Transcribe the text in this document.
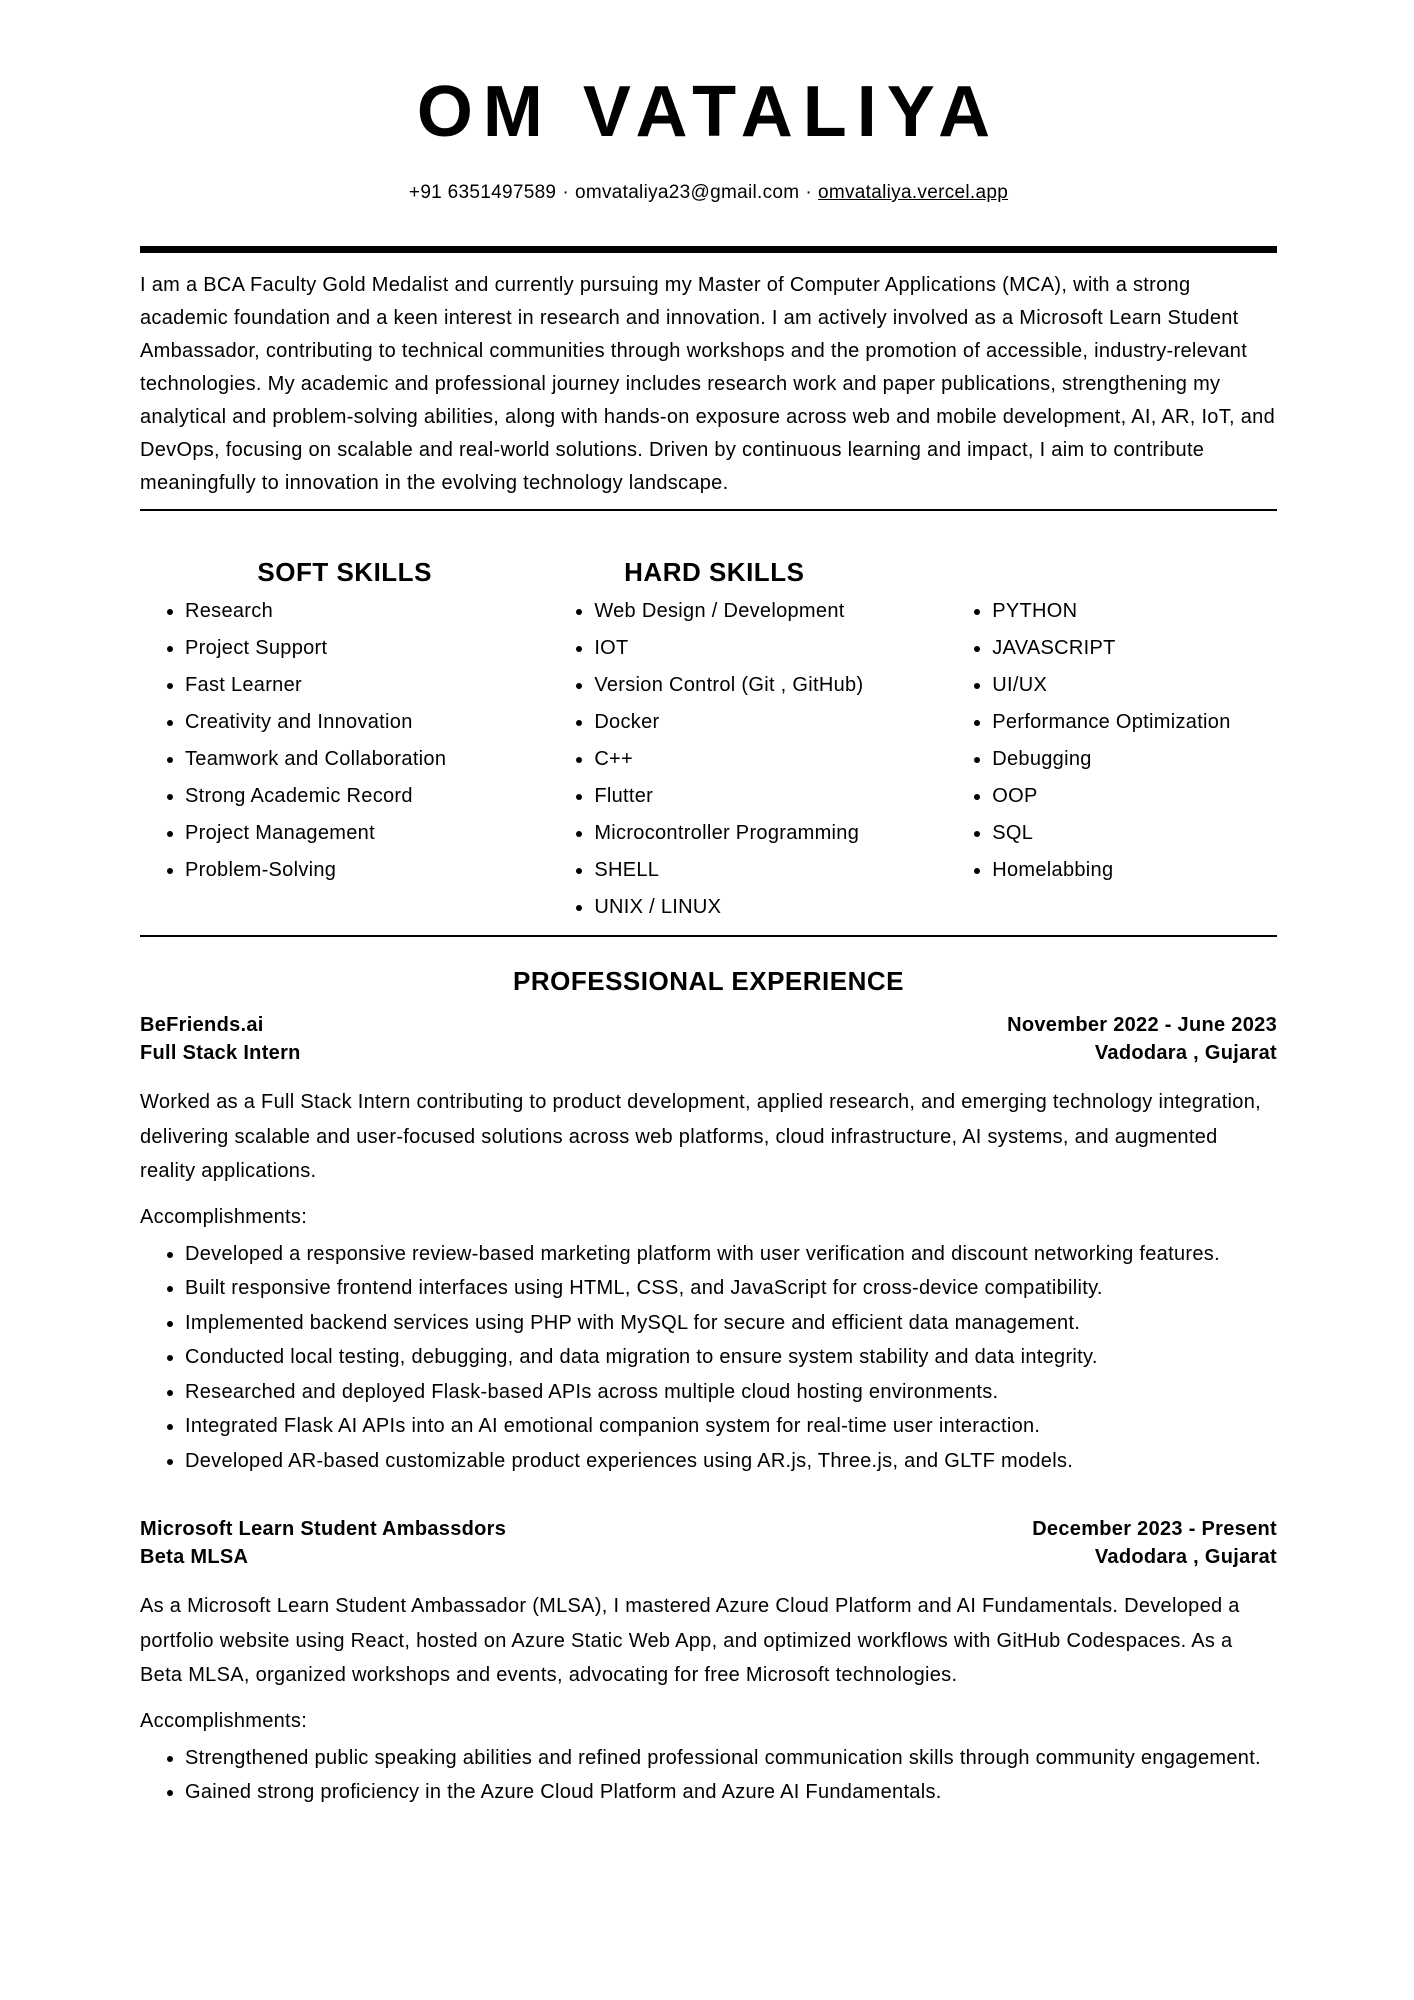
OM VATALIYA
+91 6351497589 · omvataliya23@gmail.com · omvataliya.vercel.app

I am a BCA Faculty Gold Medalist and currently pursuing my Master of Computer Applications (MCA), with a strong academic foundation and a keen interest in research and innovation. I am actively involved as a Microsoft Learn Student Ambassador, contributing to technical communities through workshops and the promotion of accessible, industry-relevant technologies. My academic and professional journey includes research work and paper publications, strengthening my analytical and problem-solving abilities, along with hands-on exposure across web and mobile development, AI, AR, IoT, and DevOps, focusing on scalable and real-world solutions. Driven by continuous learning and impact, I aim to contribute meaningfully to innovation in the evolving technology landscape.

SOFT SKILLS
• Research
• Project Support
• Fast Learner
• Creativity and Innovation
• Teamwork and Collaboration
• Strong Academic Record
• Project Management
• Problem-Solving
HARD SKILLS
• Web Design / Development
• IOT
• Version Control (Git , GitHub)
• Docker
• C++
• Flutter
• Microcontroller Programming
• SHELL
• UNIX / LINUX
• PYTHON
• JAVASCRIPT
• UI/UX
• Performance Optimization
• Debugging
• OOP
• SQL
• Homelabbing
PROFESSIONAL EXPERIENCE
BeFriends.ai
Full Stack Intern
November 2022 - June 2023
Vadodara , Gujarat

Worked as a Full Stack Intern contributing to product development, applied research, and emerging technology integration, delivering scalable and user-focused solutions across web platforms, cloud infrastructure, AI systems, and augmented reality applications.

Accomplishments:

• Developed a responsive review-based marketing platform with user verification and discount networking features.
• Built responsive frontend interfaces using HTML, CSS, and JavaScript for cross-device compatibility.
• Implemented backend services using PHP with MySQL for secure and efficient data management.
• Conducted local testing, debugging, and data migration to ensure system stability and data integrity.
• Researched and deployed Flask-based APIs across multiple cloud hosting environments.
• Integrated Flask AI APIs into an AI emotional companion system for real-time user interaction.
• Developed AR-based customizable product experiences using AR.js, Three.js, and GLTF models.
Microsoft Learn Student Ambassdors
Beta MLSA
December 2023 - Present
Vadodara , Gujarat

As a Microsoft Learn Student Ambassador (MLSA), I mastered Azure Cloud Platform and AI Fundamentals. Developed a portfolio website using React, hosted on Azure Static Web App, and optimized workflows with GitHub Codespaces. As a Beta MLSA, organized workshops and events, advocating for free Microsoft technologies.

Accomplishments:

• Strengthened public speaking abilities and refined professional communication skills through community engagement.
• Gained strong proficiency in the Azure Cloud Platform and Azure AI Fundamentals.
